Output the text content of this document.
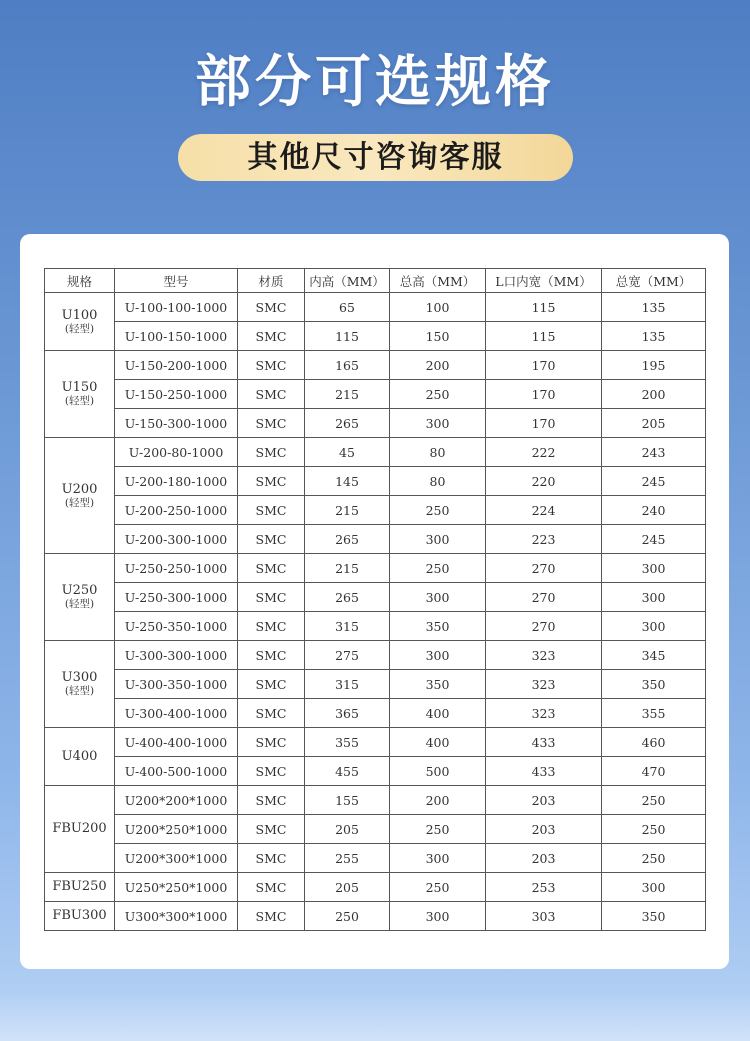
部分可选规格
其他尺寸咨询客服
规格	型号	材质	内高（MM）	总高（MM）	L口内宽（MM）	总宽（MM）

U100
(轻型)	U-100-100-1000	SMC	65	100	115	135
	U-100-150-1000	SMC	115	150	115	135

U150
(轻型)	U-150-200-1000	SMC	165	200	170	195
	U-150-250-1000	SMC	215	250	170	200
	U-150-300-1000	SMC	265	300	170	205

U200
(轻型)	U-200-80-1000	SMC	45	80	222	243
	U-200-180-1000	SMC	145	80	220	245
	U-200-250-1000	SMC	215	250	224	240
	U-200-300-1000	SMC	265	300	223	245

U250
(轻型)	U-250-250-1000	SMC	215	250	270	300
	U-250-300-1000	SMC	265	300	270	300
	U-250-350-1000	SMC	315	350	270	300

U300
(轻型)	U-300-300-1000	SMC	275	300	323	345
	U-300-350-1000	SMC	315	350	323	350
	U-300-400-1000	SMC	365	400	323	355

U400	U-400-400-1000	SMC	355	400	433	460
	U-400-500-1000	SMC	455	500	433	470

FBU200	U200*200*1000	SMC	155	200	203	250
	U200*250*1000	SMC	205	250	203	250
	U200*300*1000	SMC	255	300	203	250

FBU250	U250*250*1000	SMC	205	250	253	300

FBU300	U300*300*1000	SMC	250	300	303	350
